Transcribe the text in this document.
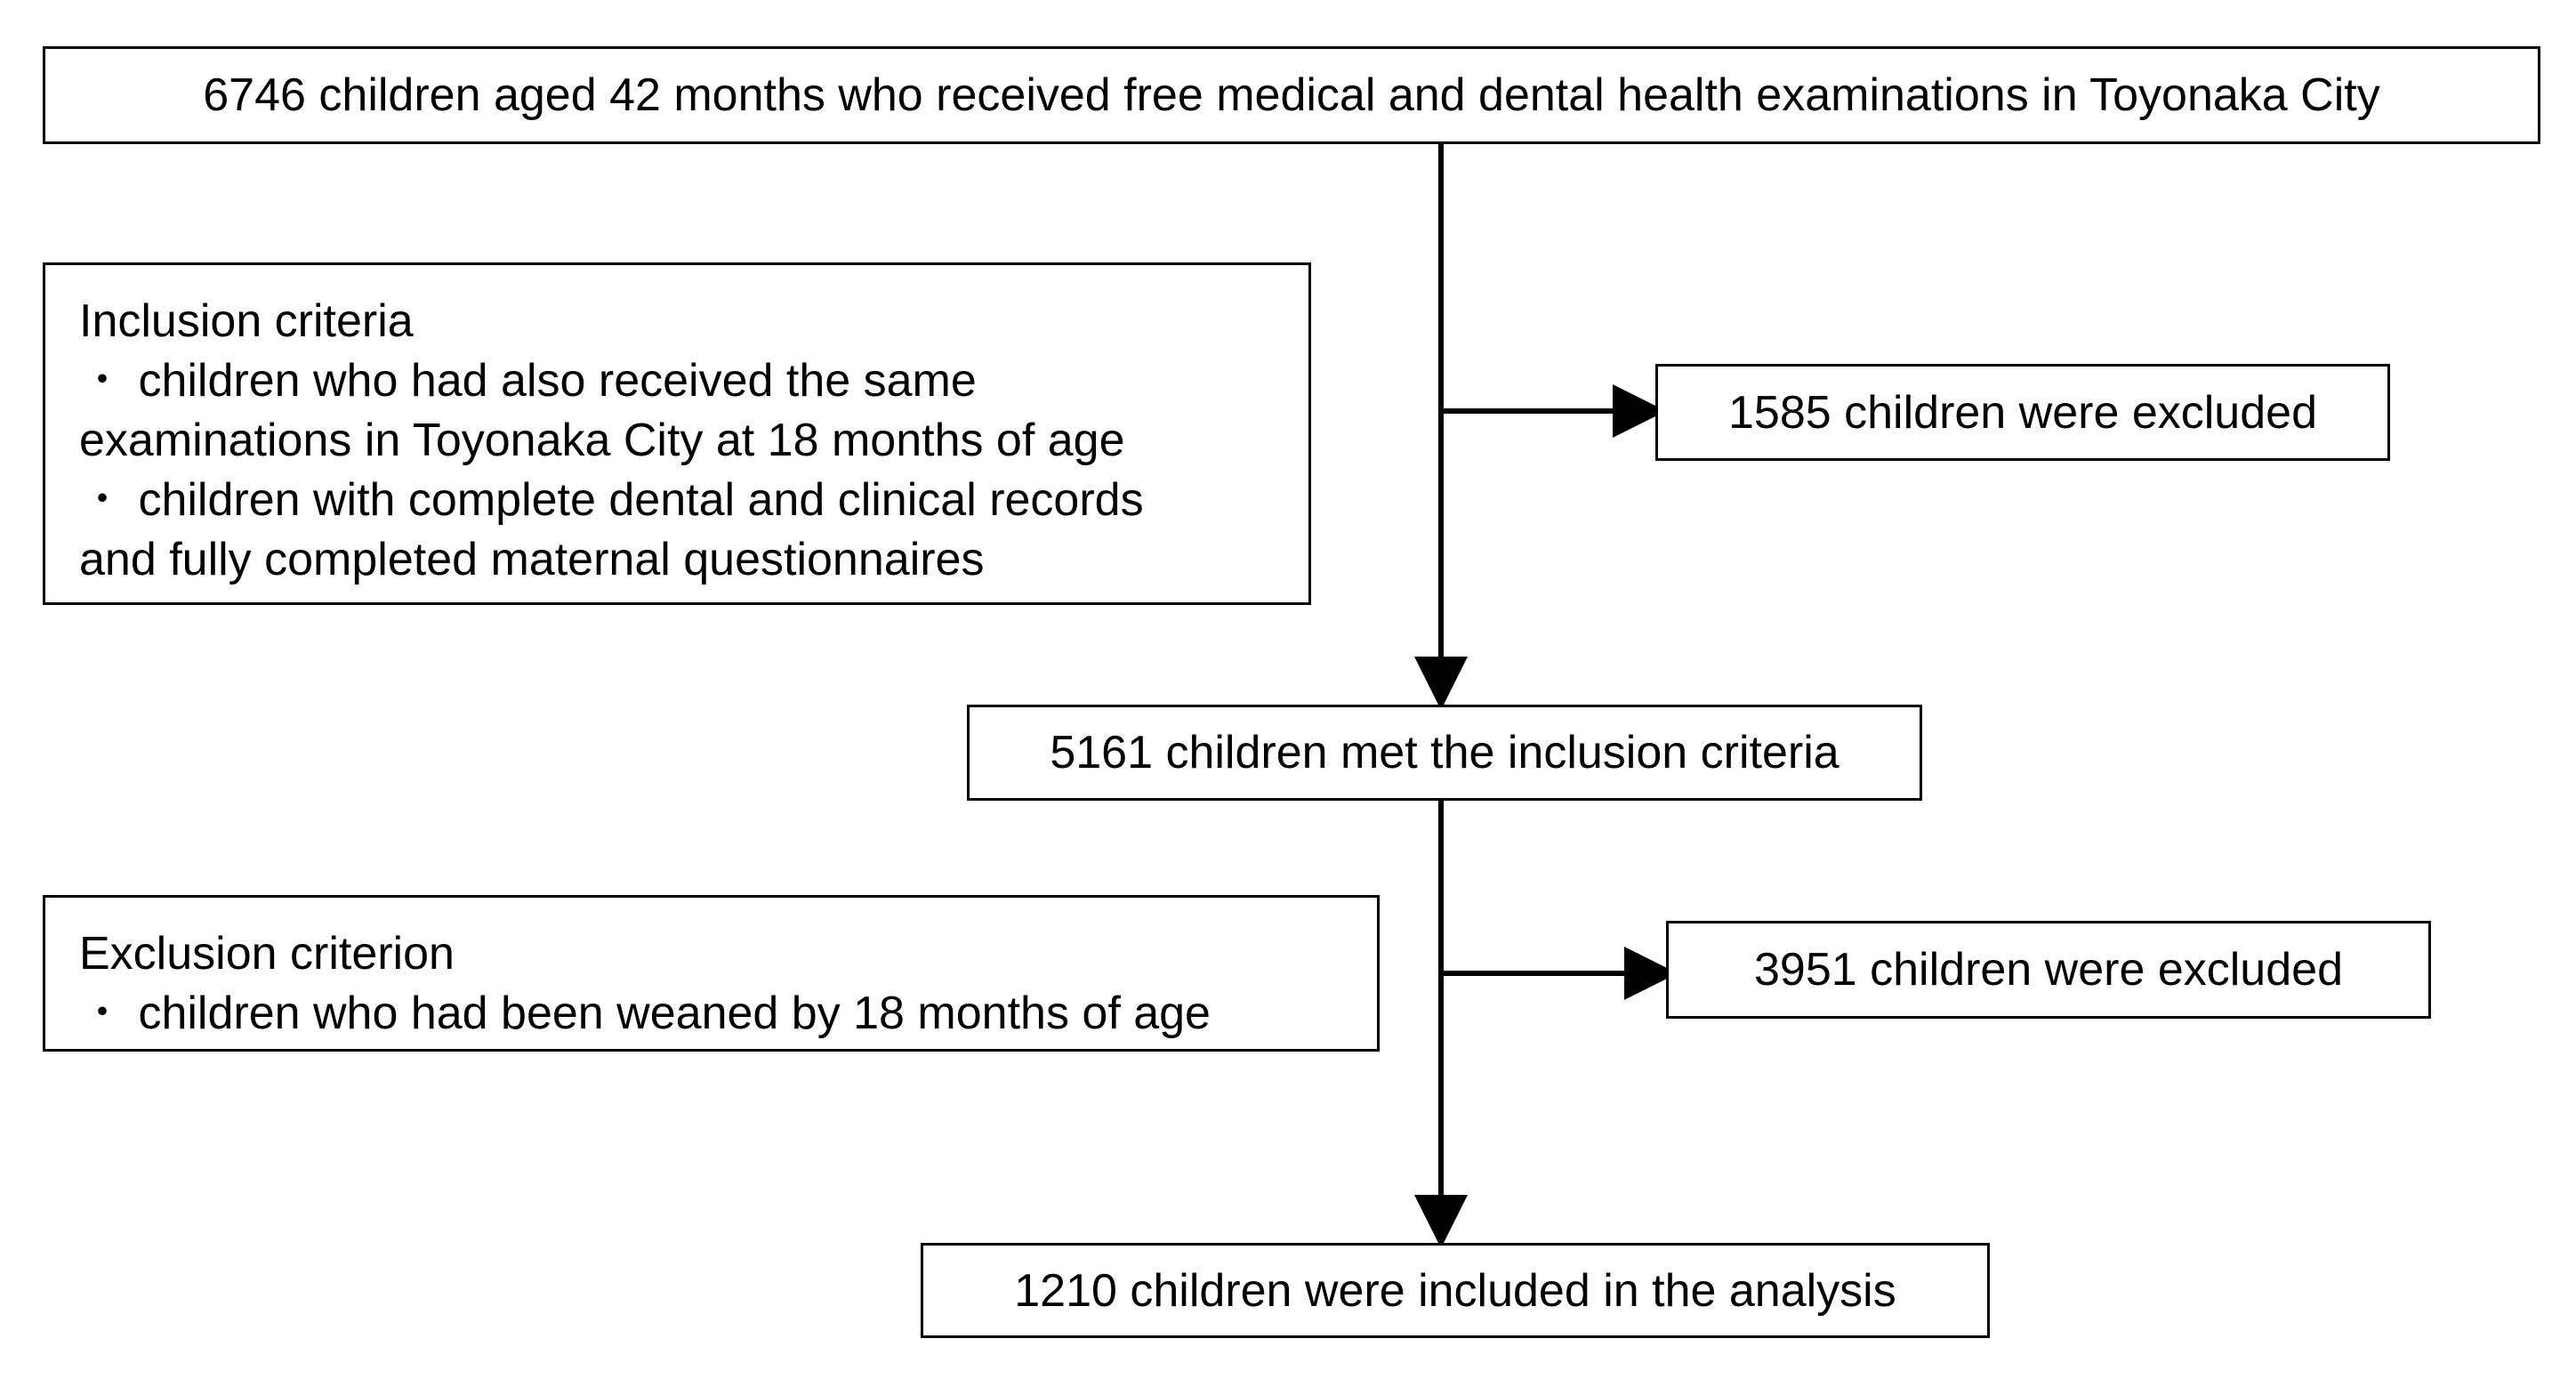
6746 children aged 42 months who received free medical and dental health examinations in Toyonaka City
Inclusion criteria
・ children who had also received the same
examinations in Toyonaka City at 18 months of age
・ children with complete dental and clinical records
and fully completed maternal questionnaires
1585 children were excluded
5161 children met the inclusion criteria
Exclusion criterion
・ children who had been weaned by 18 months of age
3951 children were excluded
1210 children were included in the analysis
